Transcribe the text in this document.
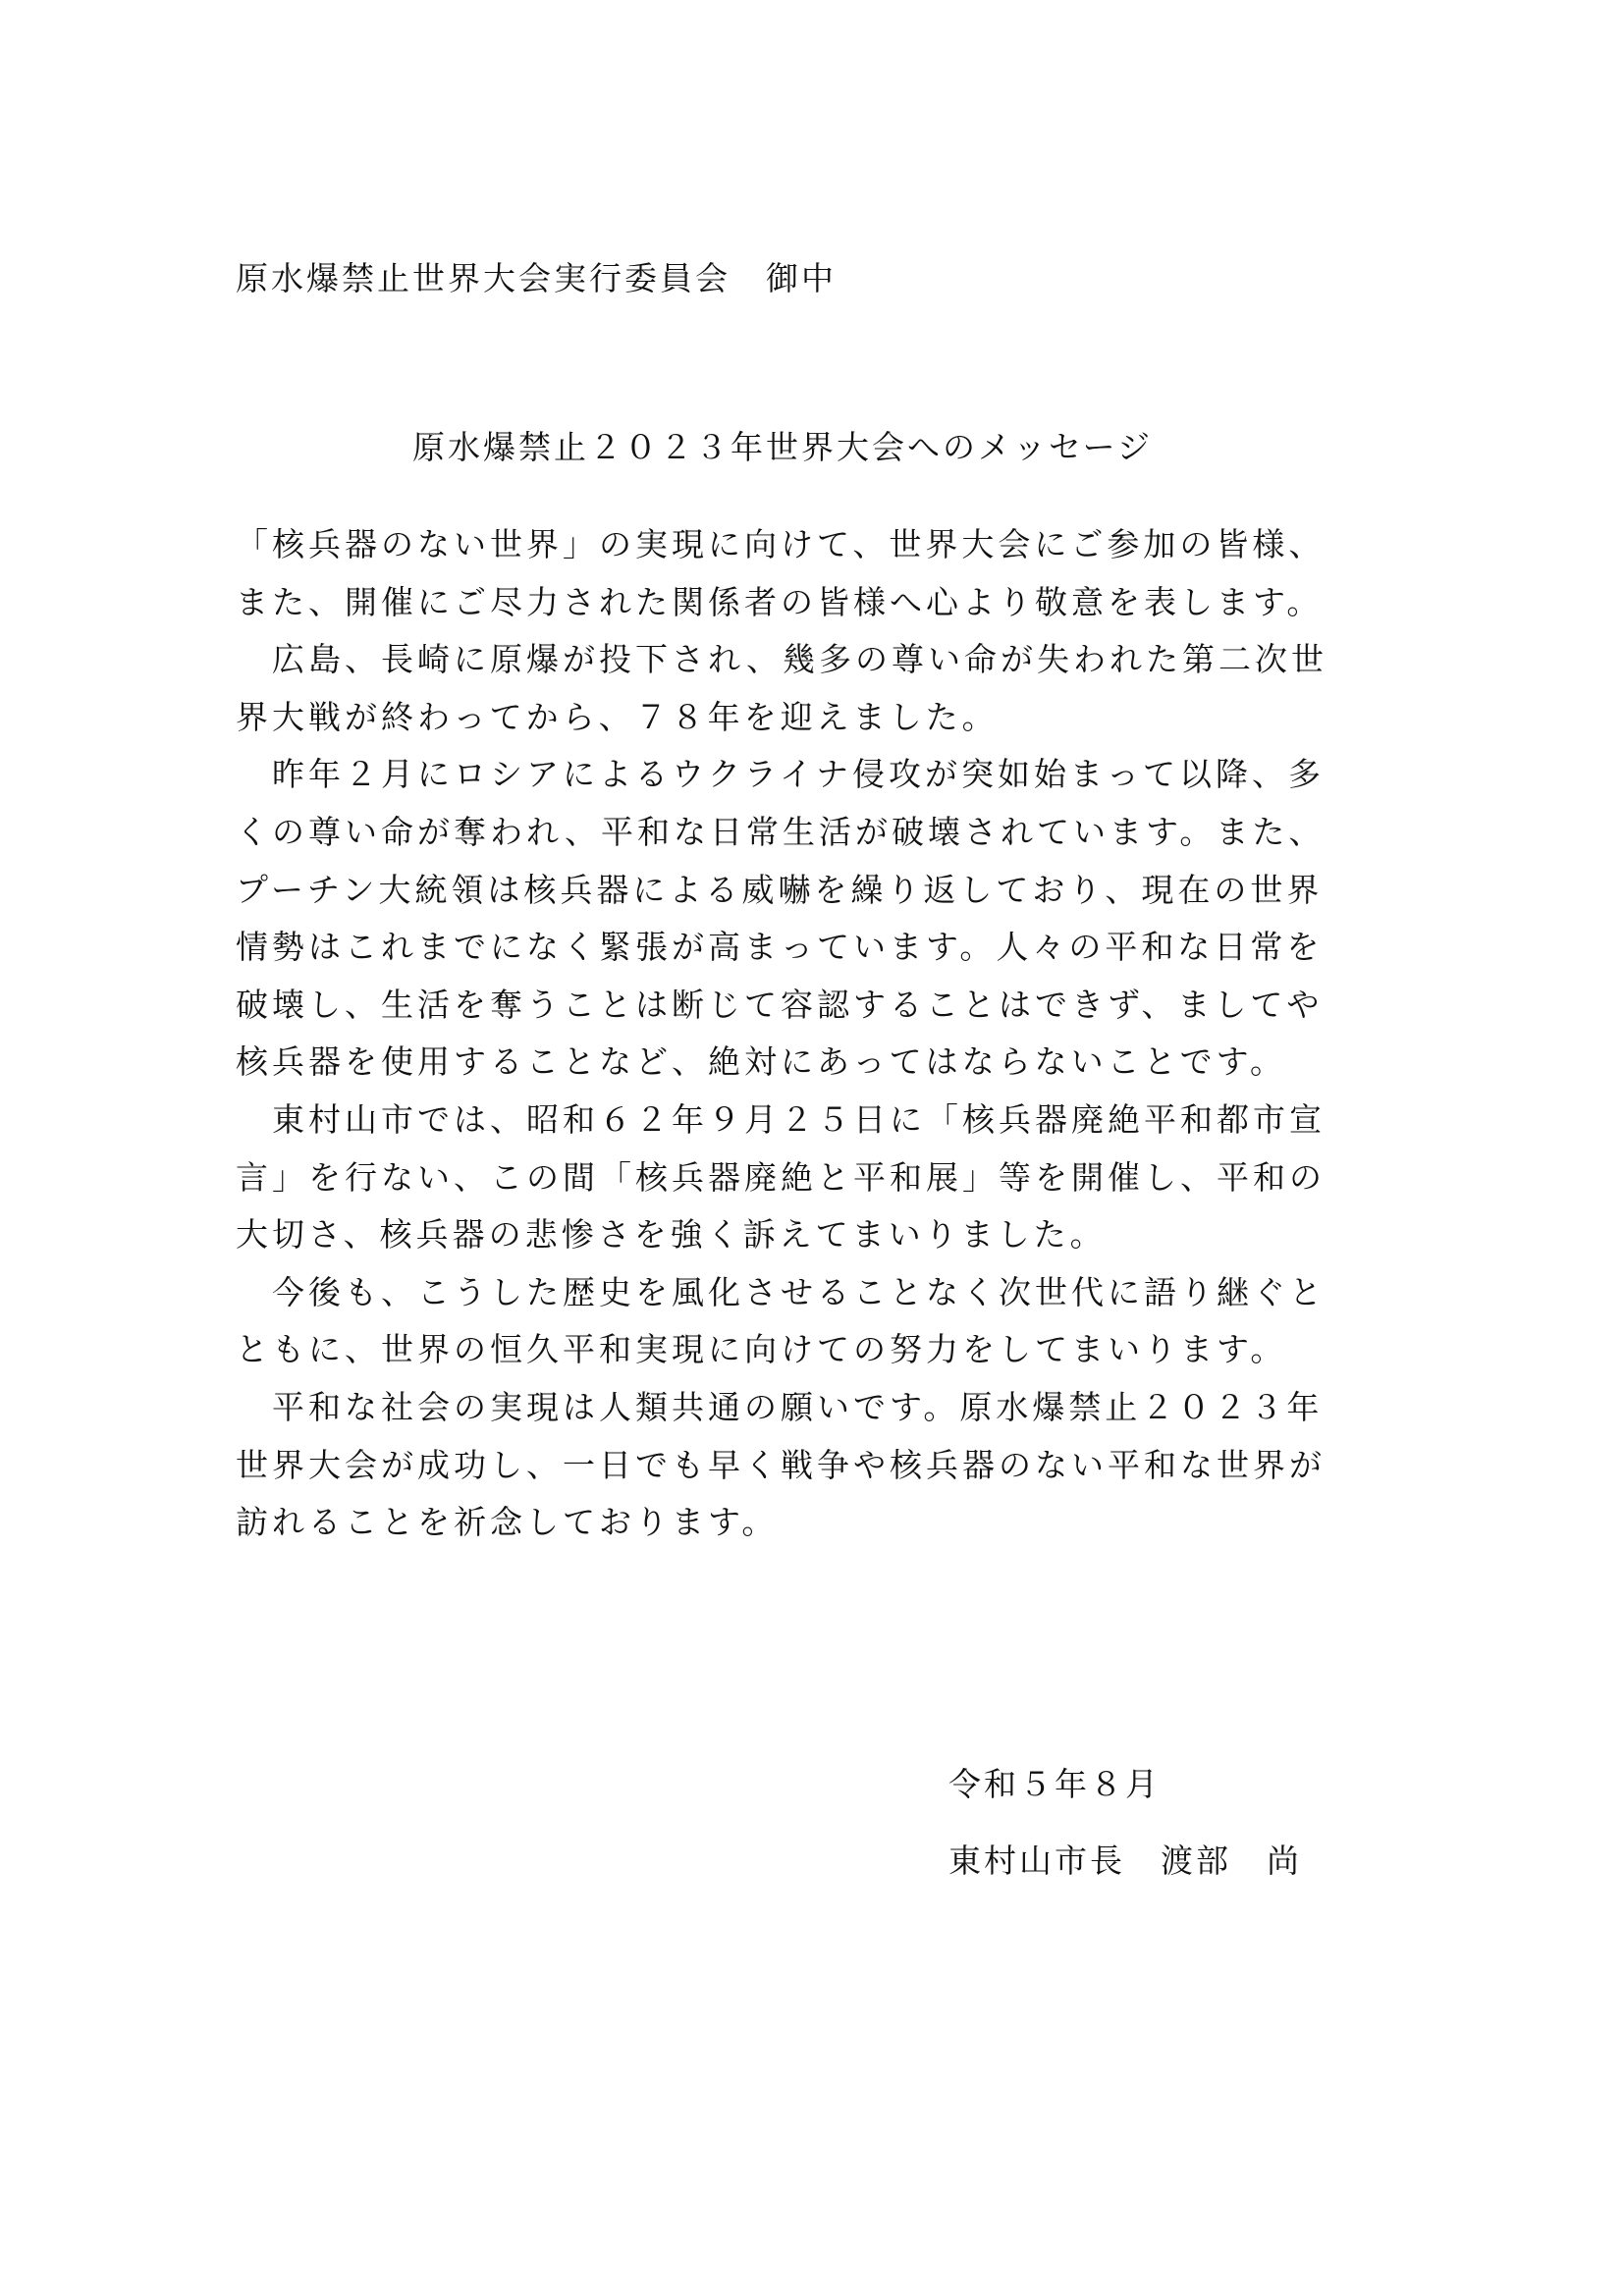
原水爆禁止世界大会実行委員会　御中
原水爆禁止２０２３年世界大会へのメッセージ
「核兵器のない世界」の実現に向けて、世界大会にご参加の皆様、
また、開催にご尽力された関係者の皆様へ心より敬意を表します。
　広島、長崎に原爆が投下され、幾多の尊い命が失われた第二次世
界大戦が終わってから、７８年を迎えました。
　昨年２月にロシアによるウクライナ侵攻が突如始まって以降、多
くの尊い命が奪われ、平和な日常生活が破壊されています。また、
プーチン大統領は核兵器による威嚇を繰り返しており、現在の世界
情勢はこれまでになく緊張が高まっています。人々の平和な日常を
破壊し、生活を奪うことは断じて容認することはできず、ましてや
核兵器を使用することなど、絶対にあってはならないことです。
　東村山市では、昭和６２年９月２５日に「核兵器廃絶平和都市宣
言」を行ない、この間「核兵器廃絶と平和展」等を開催し、平和の
大切さ、核兵器の悲惨さを強く訴えてまいりました。
　今後も、こうした歴史を風化させることなく次世代に語り継ぐと
ともに、世界の恒久平和実現に向けての努力をしてまいります。
　平和な社会の実現は人類共通の願いです。原水爆禁止２０２３年
世界大会が成功し、一日でも早く戦争や核兵器のない平和な世界が
訪れることを祈念しております。
令和５年８月
東村山市長　渡部　尚
